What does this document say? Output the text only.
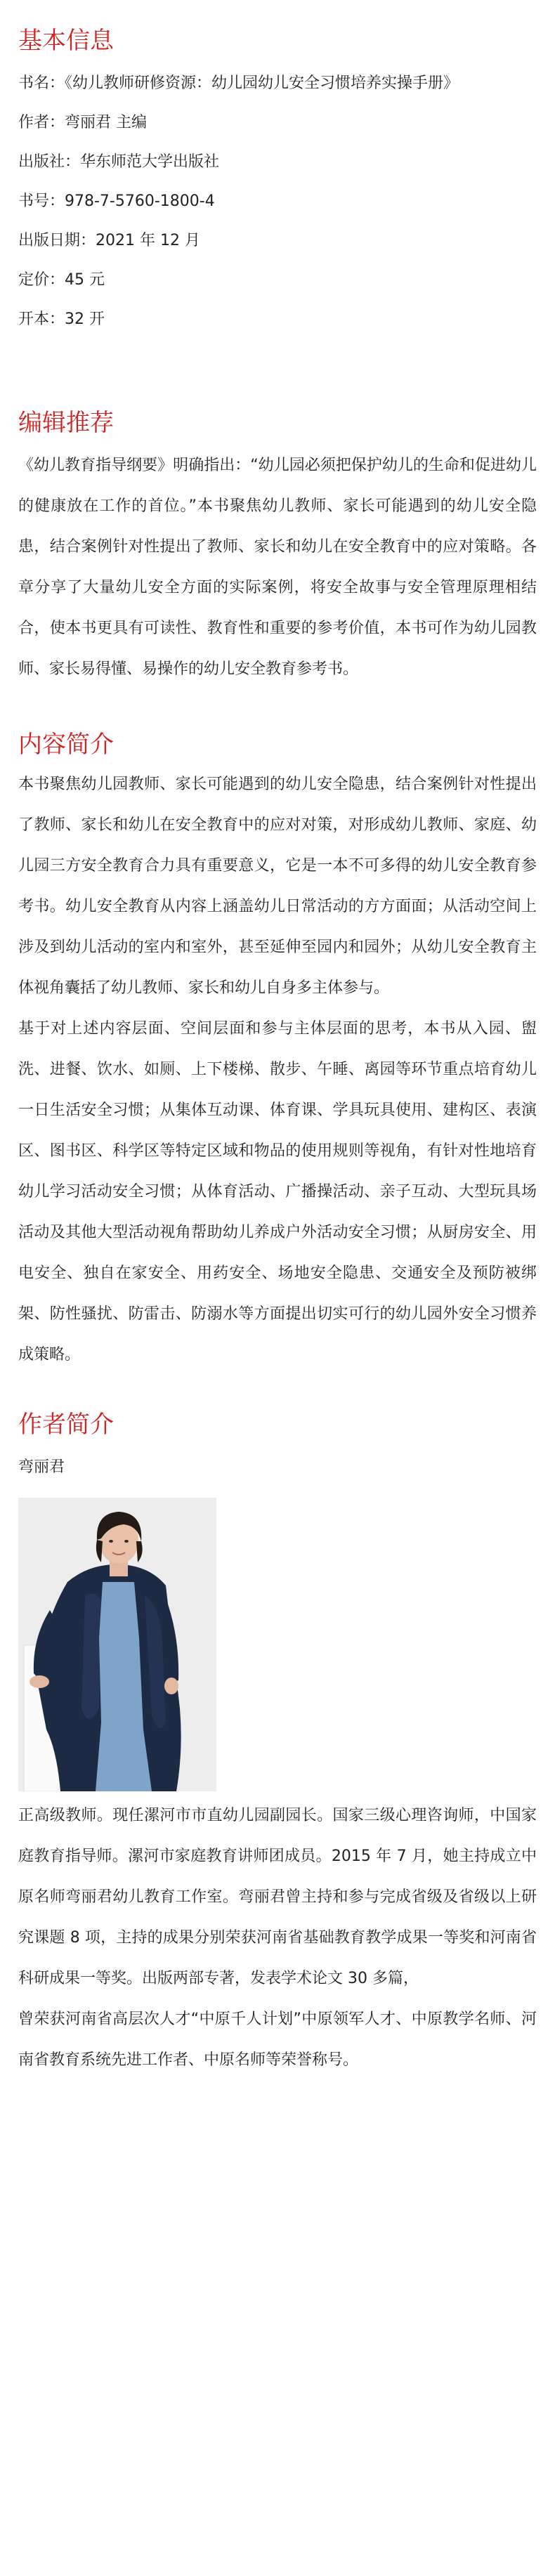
基本信息

书名：《幼儿教师研修资源：幼儿园幼儿安全习惯培养实操手册》

作者：弯丽君 主编

出版社：华东师范大学出版社

书号：978-7-5760-1800-4

出版日期：2021 年 12 月

定价：45 元

开本：32 开

编辑推荐

《幼儿教育指导纲要》明确指出：“幼儿园必须把保护幼儿的生命和促进幼儿的健康放在工作的首位。”本书聚焦幼儿教师、家长可能遇到的幼儿安全隐患，结合案例针对性提出了教师、家长和幼儿在安全教育中的应对策略。各章分享了大量幼儿安全方面的实际案例，将安全故事与安全管理原理相结合，使本书更具有可读性、教育性和重要的参考价值，本书可作为幼儿园教师、家长易得懂、易操作的幼儿安全教育参考书。

内容简介

本书聚焦幼儿园教师、家长可能遇到的幼儿安全隐患，结合案例针对性提出了教师、家长和幼儿在安全教育中的应对对策，对形成幼儿教师、家庭、幼儿园三方安全教育合力具有重要意义，它是一本不可多得的幼儿安全教育参考书。幼儿安全教育从内容上涵盖幼儿日常活动的方方面面；从活动空间上涉及到幼儿活动的室内和室外，甚至延伸至园内和园外；从幼儿安全教育主体视角囊括了幼儿教师、家长和幼儿自身多主体参与。

基于对上述内容层面、空间层面和参与主体层面的思考，本书从入园、盥洗、进餐、饮水、如厕、上下楼梯、散步、午睡、离园等环节重点培育幼儿一日生活安全习惯；从集体互动课、体育课、学具玩具使用、建构区、表演区、图书区、科学区等特定区域和物品的使用规则等视角，有针对性地培育幼儿学习活动安全习惯；从体育活动、广播操活动、亲子互动、大型玩具场活动及其他大型活动视角帮助幼儿养成户外活动安全习惯；从厨房安全、用电安全、独自在家安全、用药安全、场地安全隐患、交通安全及预防被绑架、防性骚扰、防雷击、防溺水等方面提出切实可行的幼儿园外安全习惯养成策略。

作者简介

弯丽君

正高级教师。现任漯河市市直幼儿园副园长。国家三级心理咨询师，中国家庭教育指导师。漯河市家庭教育讲师团成员。2015 年 7 月，她主持成立中原名师弯丽君幼儿教育工作室。弯丽君曾主持和参与完成省级及省级以上研究课题 8 项，主持的成果分别荣获河南省基础教育教学成果一等奖和河南省科研成果一等奖。出版两部专著，发表学术论文 30 多篇，

曾荣获河南省高层次人才“中原千人计划”中原领军人才、中原教学名师、河南省教育系统先进工作者、中原名师等荣誉称号。
